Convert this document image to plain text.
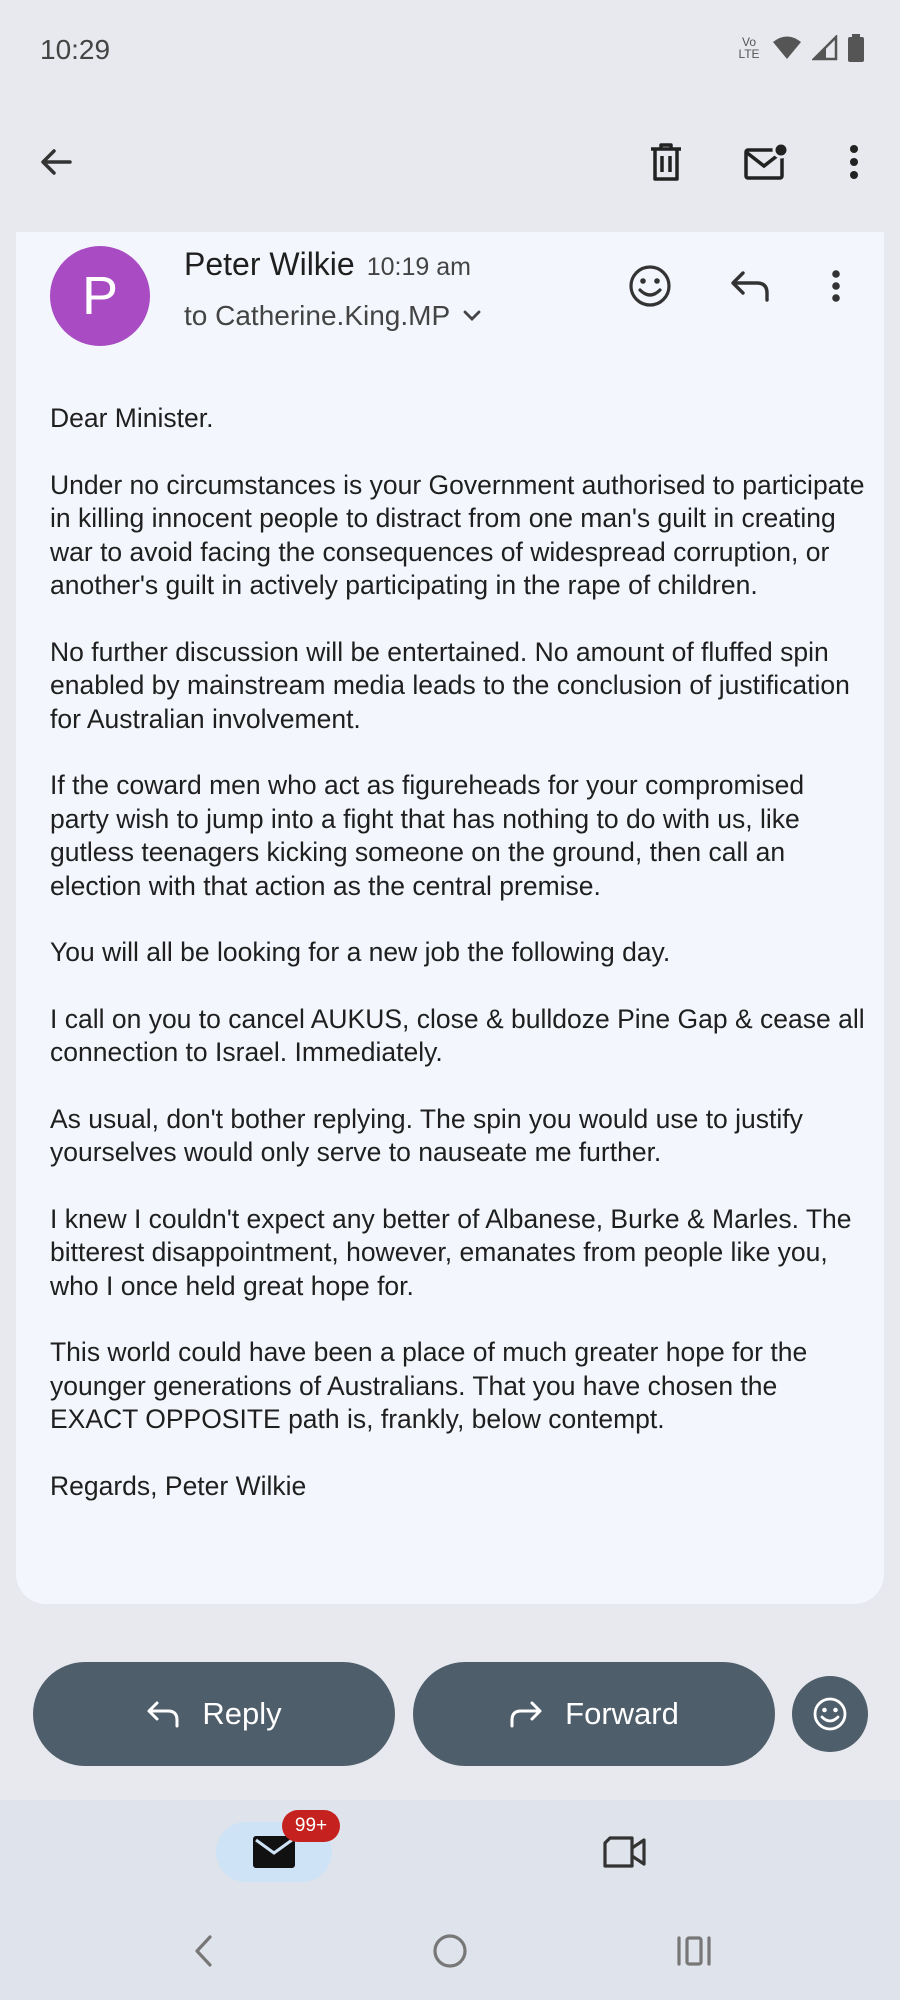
10:29	Vo LTE
P
Peter Wilkie 10:19 am
to Catherine.King.MP

Dear Minister.

Under no circumstances is your Government authorised to participate in killing innocent people to distract from one man's guilt in creating war to avoid facing the consequences of widespread corruption, or another's guilt in actively participating in the rape of children.

No further discussion will be entertained. No amount of fluffed spin enabled by mainstream media leads to the conclusion of justification for Australian involvement.

If the coward men who act as figureheads for your compromised party wish to jump into a fight that has nothing to do with us, like gutless teenagers kicking someone on the ground, then call an election with that action as the central premise.

You will all be looking for a new job the following day.

I call on you to cancel AUKUS, close & bulldoze Pine Gap & cease all connection to Israel. Immediately.

As usual, don't bother replying. The spin you would use to justify yourselves would only serve to nauseate me further.

I knew I couldn't expect any better of Albanese, Burke & Marles. The bitterest disappointment, however, emanates from people like you, who I once held great hope for.

This world could have been a place of much greater hope for the younger generations of Australians. That you have chosen the EXACT OPPOSITE path is, frankly, below contempt.

Regards, Peter Wilkie

Reply	Forward
99+
